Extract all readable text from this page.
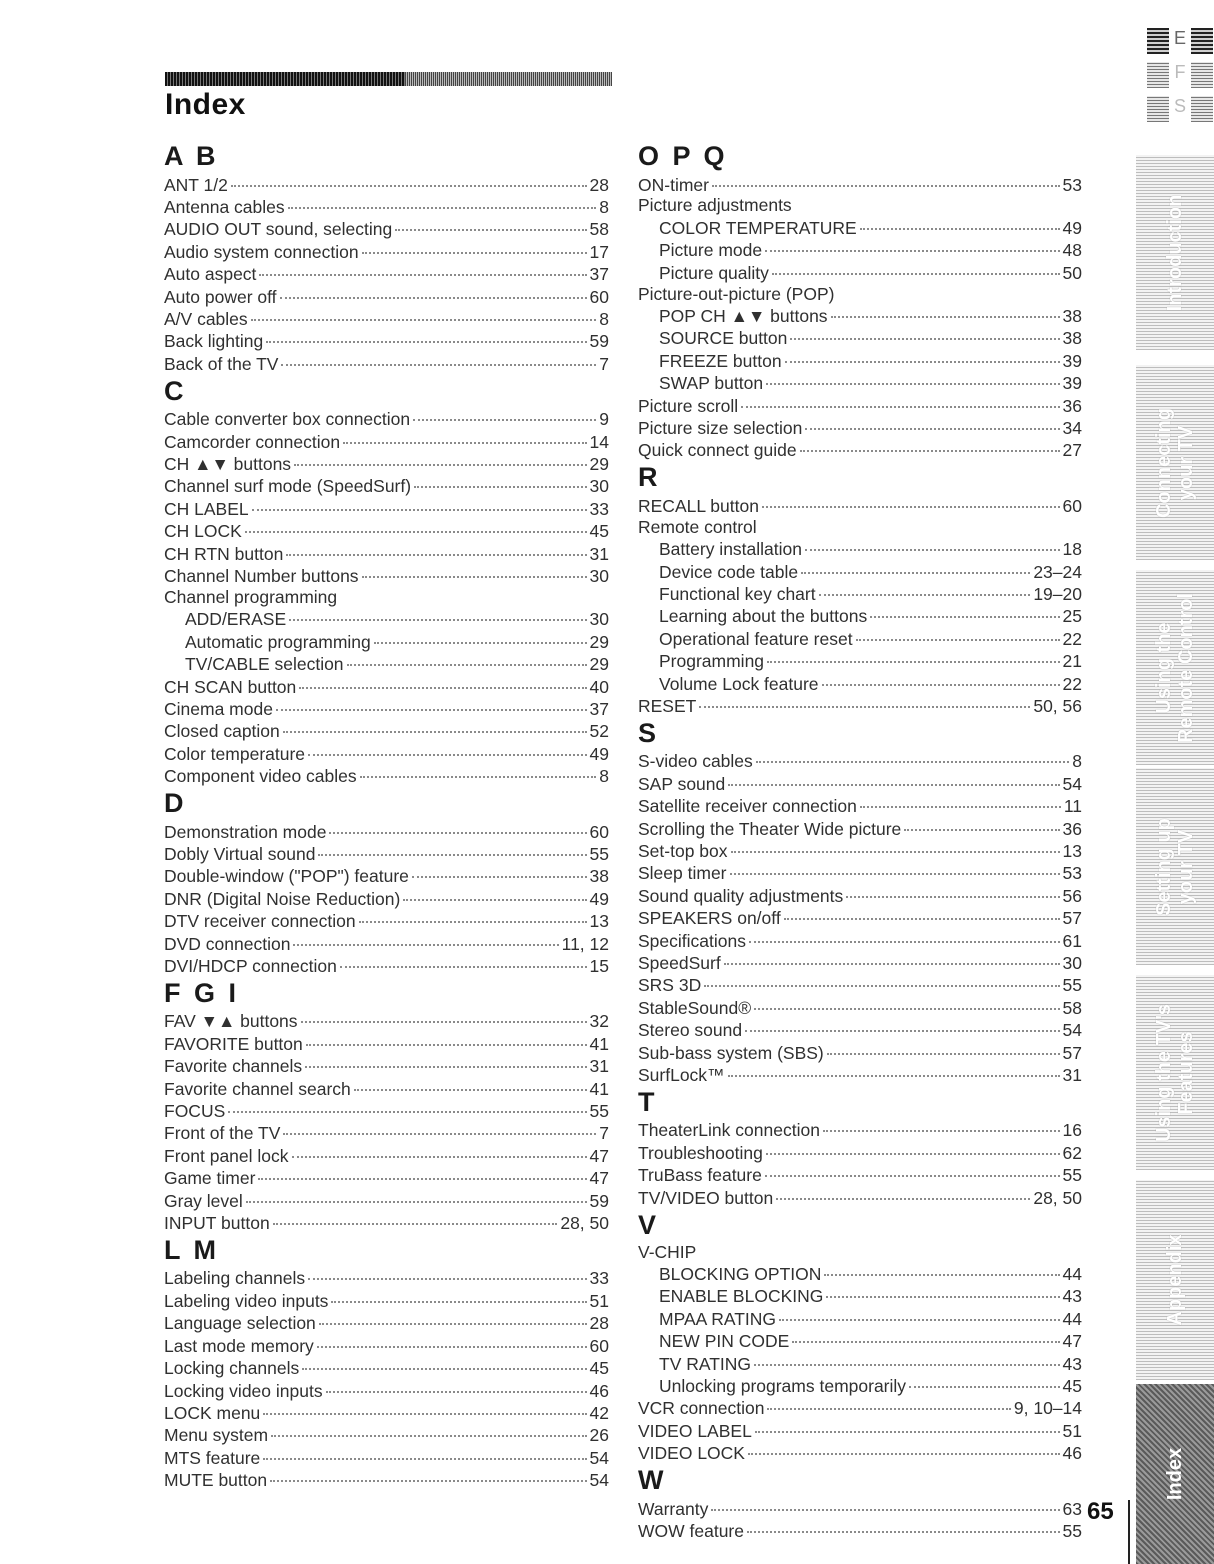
Index
A B
ANT 1/2	28
Antenna cables	8
AUDIO OUT sound, selecting	58
Audio system connection	17
Auto aspect	37
Auto power off	60
A/V cables	8
Back lighting	59
Back of the TV	7
C
Cable converter box connection	9
Camcorder connection	14
CH ▲▼ buttons	29
Channel surf mode (SpeedSurf)	30
CH LABEL	33
CH LOCK	45
CH RTN button	31
Channel Number buttons	30
Channel programming
ADD/ERASE	30
Automatic programming	29
TV/CABLE selection	29
CH SCAN button	40
Cinema mode	37
Closed caption	52
Color temperature	49
Component video cables	8
D
Demonstration mode	60
Dobly Virtual sound	55
Double-window ("POP") feature	38
DNR (Digital Noise Reduction)	49
DTV receiver connection	13
DVD connection	11, 12
DVI/HDCP connection	15
F G I
FAV ▼▲ buttons	32
FAVORITE button	41
Favorite channels	31
Favorite channel search	41
FOCUS	55
Front of the TV	7
Front panel lock	47
Game timer	47
Gray level	59
INPUT button	28, 50
L M
Labeling channels	33
Labeling video inputs	51
Language selection	28
Last mode memory	60
Locking channels	45
Locking video inputs	46
LOCK menu	42
Menu system	26
MTS feature	54
MUTE button	54
O P Q
ON-timer	53
Picture adjustments
COLOR TEMPERATURE	49
Picture mode	48
Picture quality	50
Picture-out-picture (POP)
POP CH ▲▼ buttons	38
SOURCE button	38
FREEZE button	39
SWAP button	39
Picture scroll	36
Picture size selection	34
Quick connect guide	27
R
RECALL button	60
Remote control
Battery installation	18
Device code table	23–24
Functional key chart	19–20
Learning about the buttons	25
Operational feature reset	22
Programming	21
Volume Lock feature	22
RESET	50, 56
S
S-video cables	8
SAP sound	54
Satellite receiver connection	11
Scrolling the Theater Wide picture	36
Set-top box	13
Sleep timer	53
Sound quality adjustments	56
SPEAKERS on/off	57
Specifications	61
SpeedSurf	30
SRS 3D	55
StableSound®	58
Stereo sound	54
Sub-bass system (SBS)	57
SurfLock™	31
T
TheaterLink connection	16
Troubleshooting	62
TruBass feature	55
TV/VIDEO button	28, 50
V
V-CHIP
BLOCKING OPTION	44
ENABLE BLOCKING	43
MPAA RATING	44
NEW PIN CODE	47
TV RATING	43
Unlocking programs temporarily	45
VCR connection	9, 10–14
VIDEO LABEL	51
VIDEO LOCK	46
W
Warranty	63
WOW feature	55
E
F
S
Introduction
Connecting
your TV
Using the
Remote Control
Setting up
your TV
Using the TV's
Features
Appendix
Index
65
